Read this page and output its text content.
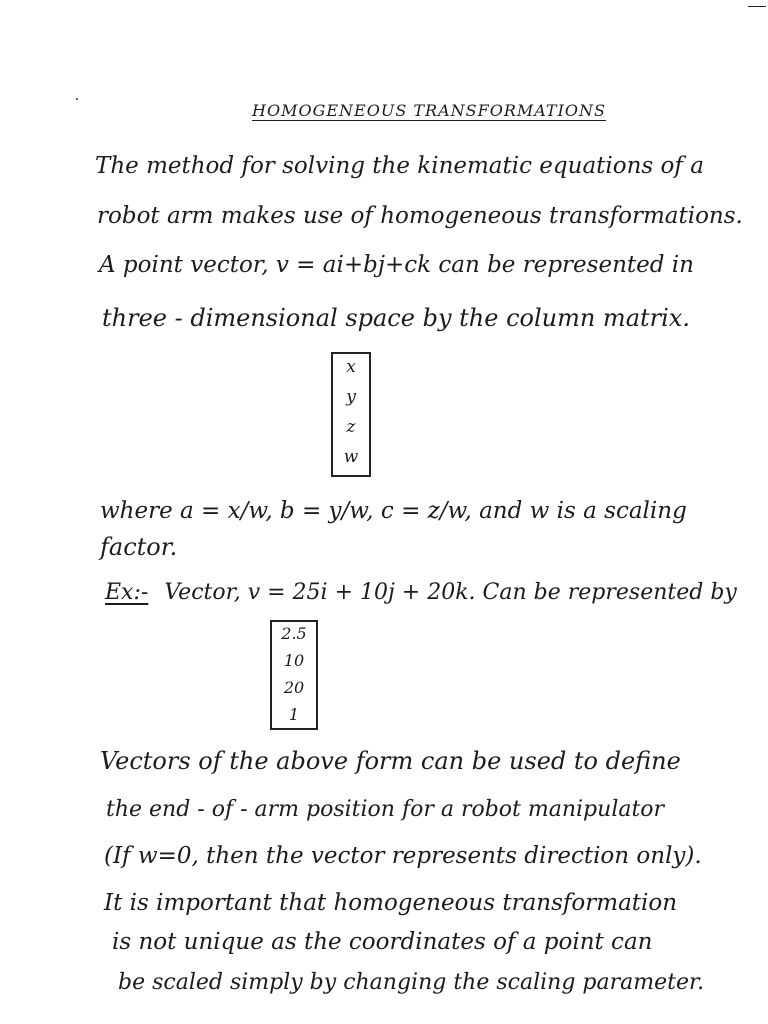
HOMOGENEOUS TRANSFORMATIONS
The method for solving the kinematic equations of a
robot arm makes use of homogeneous transformations.
A point vector, v = ai+bj+ck can be represented in
three - dimensional space by the column matrix.
x
y
z
w
where a = x/w, b = y/w, c = z/w, and w is a scaling
factor.
Ex:- Vector, v = 25i + 10j + 20k. Can be represented by
2.5
10
20
1
Vectors of the above form can be used to define
the end - of - arm position for a robot manipulator
(If w=0, then the vector represents direction only).
It is important that homogeneous transformation
is not unique as the coordinates of a point can
be scaled simply by changing the scaling parameter.
